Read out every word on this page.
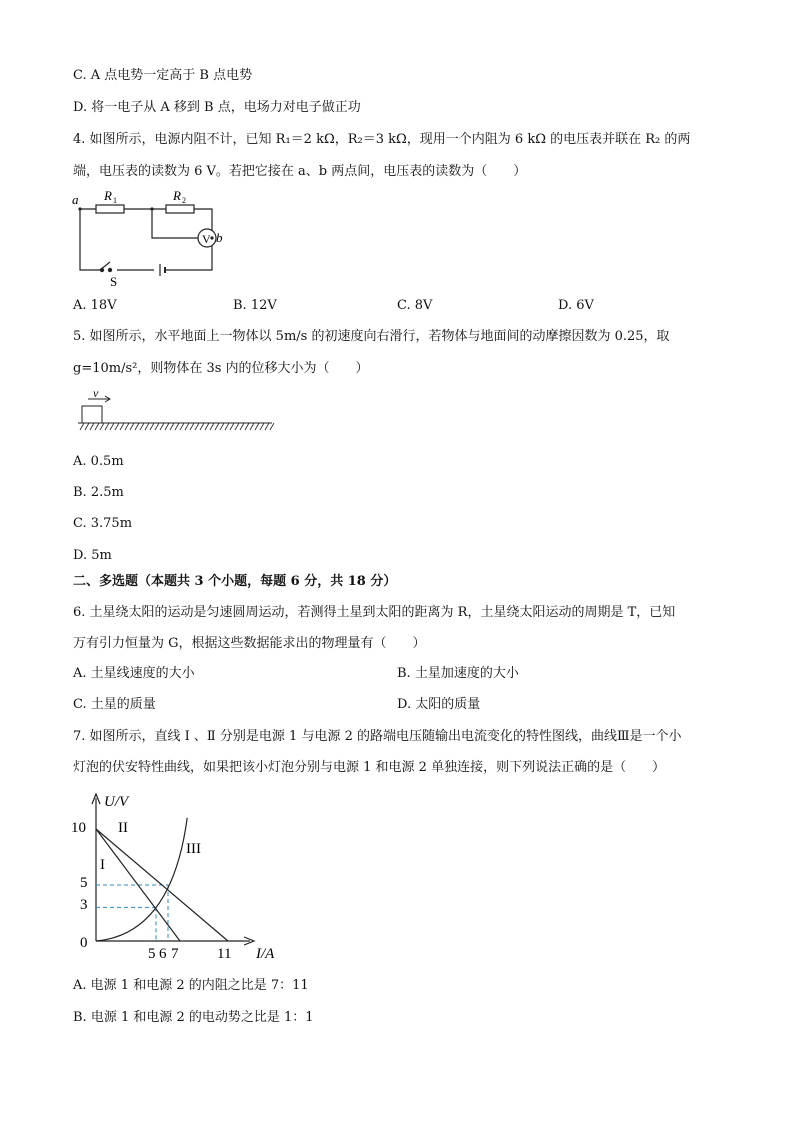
C. A 点电势一定高于 B 点电势
D. 将一电子从 A 移到 B 点，电场力对电子做正功
4. 如图所示，电源内阻不计，已知 R₁＝2 kΩ，R₂＝3 kΩ，现用一个内阻为 6 kΩ 的电压表并联在 R₂ 的两
端，电压表的读数为 6 V。若把它接在 a、b 两点间，电压表的读数为（　　）
a
b
R 1	R 2
V
S
A. 18V	B. 12V	C. 8V	D. 6V
5. 如图所示，水平地面上一物体以 5m/s 的初速度向右滑行，若物体与地面间的动摩擦因数为 0.25，取
g=10m/s²，则物体在 3s 内的位移大小为（　　）
v
A. 0.5m
B. 2.5m
C. 3.75m
D. 5m
二、多选题（本题共 3 个小题，每题 6 分，共 18 分）
6. 土星绕太阳的运动是匀速圆周运动，若测得土星到太阳的距离为 R，土星绕太阳运动的周期是 T，已知
万有引力恒量为 G，根据这些数据能求出的物理量有（　　）
A. 土星线速度的大小	B. 土星加速度的大小
C. 土星的质量	D. 太阳的质量
7. 如图所示，直线 Ⅰ 、Ⅱ 分别是电源 1 与电源 2 的路端电压随输出电流变化的特性图线，曲线Ⅲ是一个小
灯泡的伏安特性曲线，如果把该小灯泡分别与电源 1 和电源 2 单独连接，则下列说法正确的是（　　）
U/V
I/A
0
10
5
3
5 6 7	11
I
II
III
A. 电源 1 和电源 2 的内阻之比是 7：11
B. 电源 1 和电源 2 的电动势之比是 1：1
